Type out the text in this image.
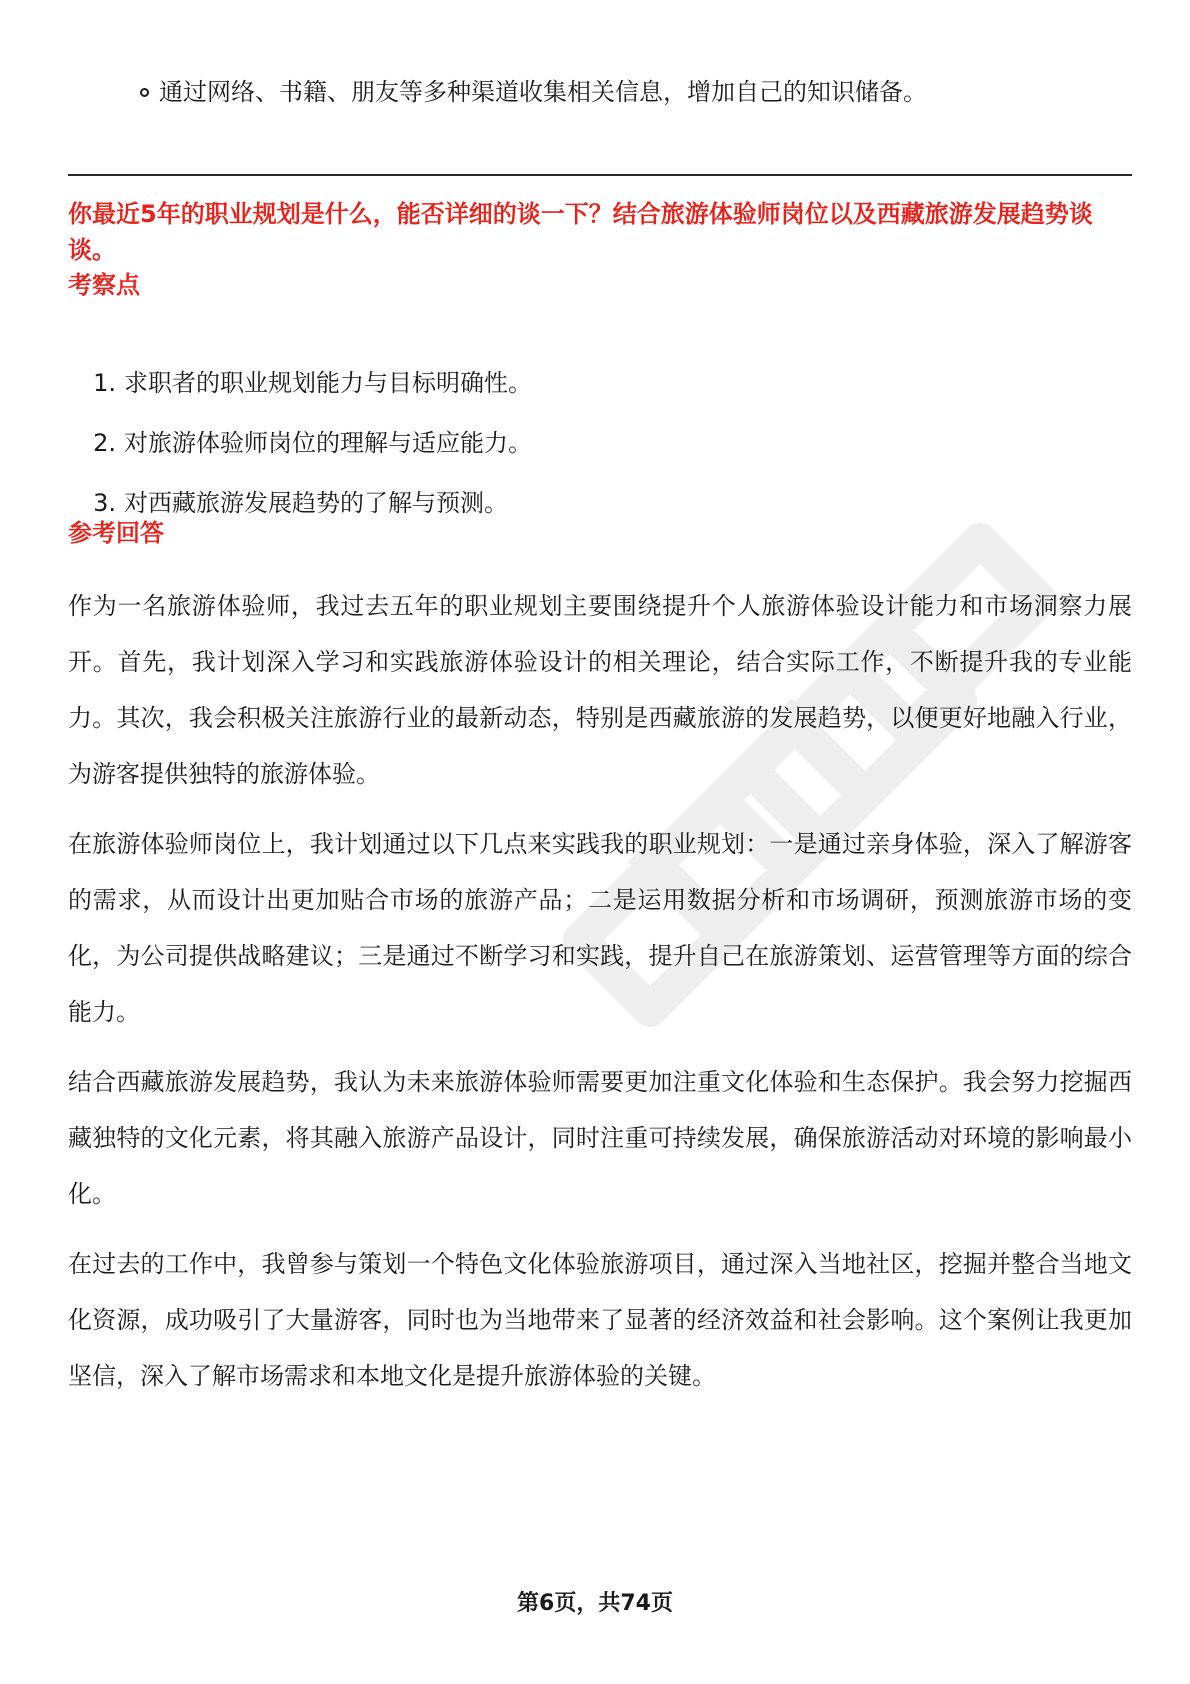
通过网络、书籍、朋友等多种渠道收集相关信息，增加自己的知识储备。
你最近5年的职业规划是什么，能否详细的谈一下？结合旅游体验师岗位以及西藏旅游发展趋势谈谈。
考察点
1. 求职者的职业规划能力与目标明确性。
2. 对旅游体验师岗位的理解与适应能力。
3. 对西藏旅游发展趋势的了解与预测。
参考回答

作为一名旅游体验师，我过去五年的职业规划主要围绕提升个人旅游体验设计能力和市场洞察力展开。首先，我计划深入学习和实践旅游体验设计的相关理论，结合实际工作，不断提升我的专业能力。其次，我会积极关注旅游行业的最新动态，特别是西藏旅游的发展趋势，以便更好地融入行业，为游客提供独特的旅游体验。

在旅游体验师岗位上，我计划通过以下几点来实践我的职业规划：一是通过亲身体验，深入了解游客的需求，从而设计出更加贴合市场的旅游产品；二是运用数据分析和市场调研，预测旅游市场的变化，为公司提供战略建议；三是通过不断学习和实践，提升自己在旅游策划、运营管理等方面的综合能力。

结合西藏旅游发展趋势，我认为未来旅游体验师需要更加注重文化体验和生态保护。我会努力挖掘西藏独特的文化元素，将其融入旅游产品设计，同时注重可持续发展，确保旅游活动对环境的影响最小化。

在过去的工作中，我曾参与策划一个特色文化体验旅游项目，通过深入当地社区，挖掘并整合当地文化资源，成功吸引了大量游客，同时也为当地带来了显著的经济效益和社会影响。这个案例让我更加坚信，深入了解市场需求和本地文化是提升旅游体验的关键。

第6页，共74页
